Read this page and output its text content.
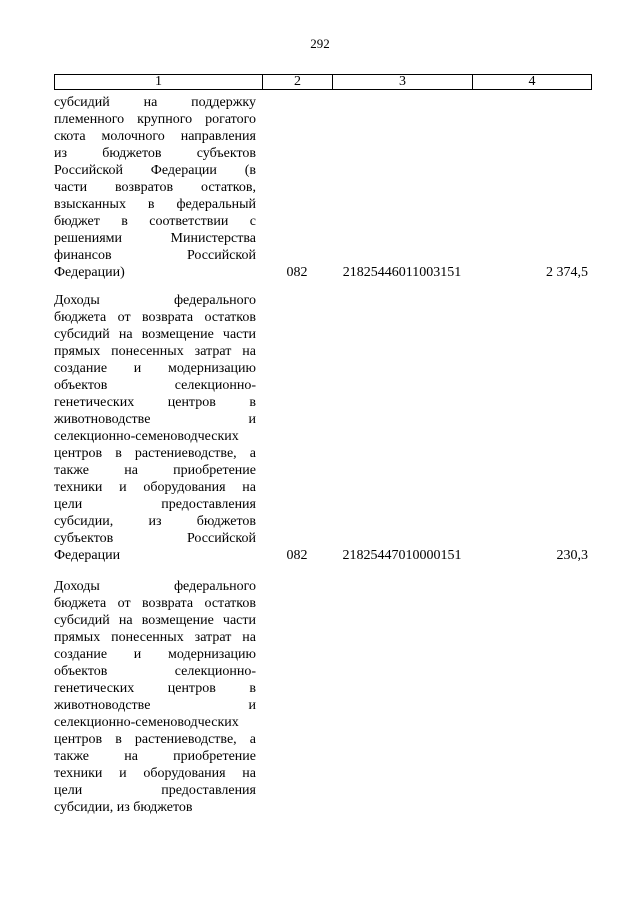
292
1	2	3	4
субсидий на поддержку
племенного крупного рогатого
скота молочного направления
из бюджетов субъектов
Российской Федерации (в
части возвратов остатков,
взысканных в федеральный
бюджет в соответствии с
решениями Министерства
финансов Российской
Федерации)	082	21825446011003151	2 374,5
Доходы федерального
бюджета от возврата остатков
субсидий на возмещение части
прямых понесенных затрат на
создание и модернизацию
объектов селекционно-
генетических центров в
животноводстве и
селекционно-семеноводческих
центров в растениеводстве, а
также на приобретение
техники и оборудования на
цели предоставления
субсидии, из бюджетов
субъектов Российской
Федерации	082	21825447010000151	230,3
Доходы федерального
бюджета от возврата остатков
субсидий на возмещение части
прямых понесенных затрат на
создание и модернизацию
объектов селекционно-
генетических центров в
животноводстве и
селекционно-семеноводческих
центров в растениеводстве, а
также на приобретение
техники и оборудования на
цели предоставления
субсидии, из бюджетов
